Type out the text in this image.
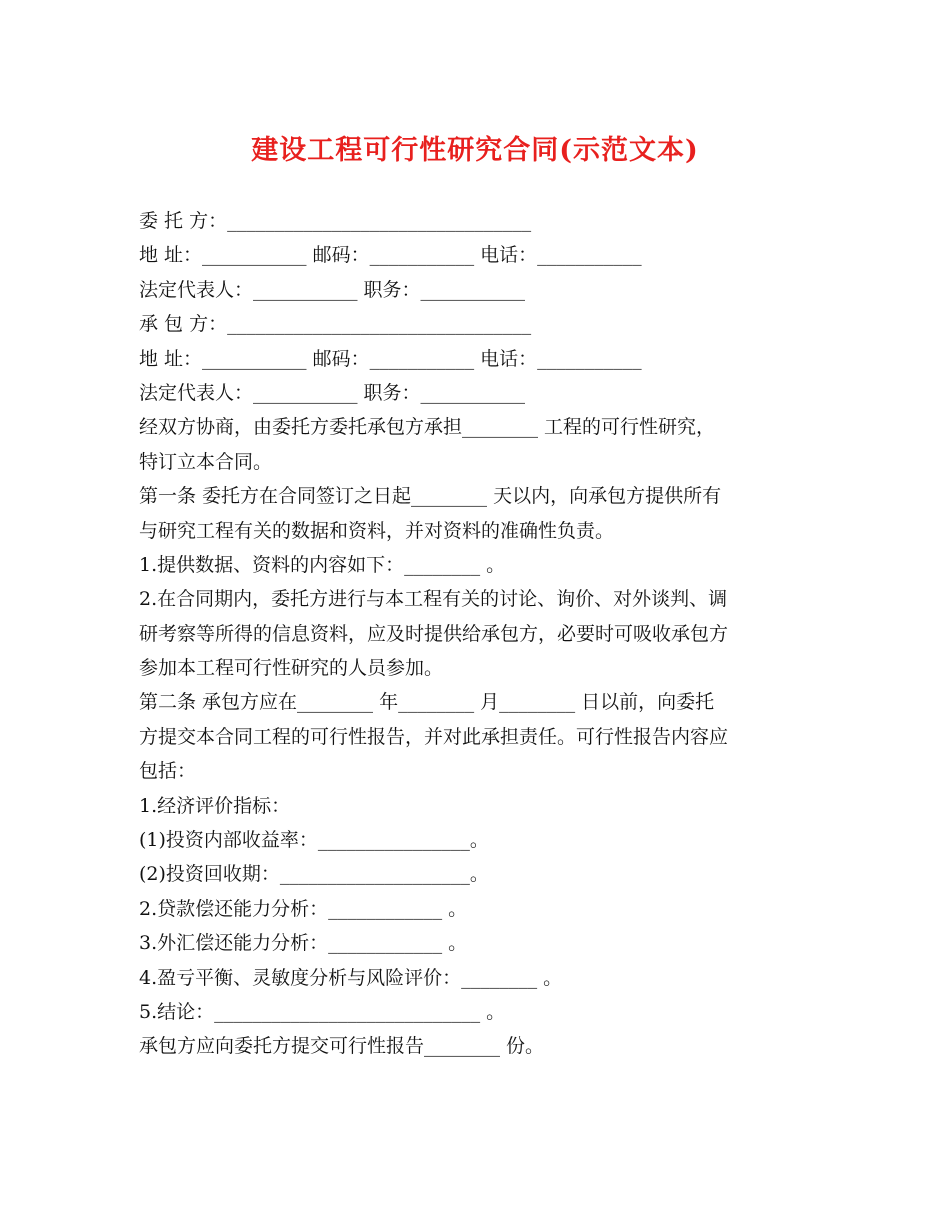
建设工程可行性研究合同(示范文本)
委 托 方：________________________________
地 址：___________ 邮码：___________ 电话：___________
法定代表人：___________ 职务：___________
承 包 方：________________________________
地 址：___________ 邮码：___________ 电话：___________
法定代表人：___________ 职务：___________
经双方协商，由委托方委托承包方承担________ 工程的可行性研究，
特订立本合同。
第一条 委托方在合同签订之日起________ 天以内，向承包方提供所有
与研究工程有关的数据和资料，并对资料的准确性负责。
1.提供数据、资料的内容如下：________ 。
2.在合同期内，委托方进行与本工程有关的讨论、询价、对外谈判、调
研考察等所得的信息资料，应及时提供给承包方，必要时可吸收承包方
参加本工程可行性研究的人员参加。
第二条 承包方应在________ 年________ 月________ 日以前，向委托
方提交本合同工程的可行性报告，并对此承担责任。可行性报告内容应
包括：
1.经济评价指标：
(1)投资内部收益率：________________。
(2)投资回收期：____________________。
2.贷款偿还能力分析：____________ 。
3.外汇偿还能力分析：____________ 。
4.盈亏平衡、灵敏度分析与风险评价：________ 。
5.结论：____________________________ 。
承包方应向委托方提交可行性报告________ 份。
